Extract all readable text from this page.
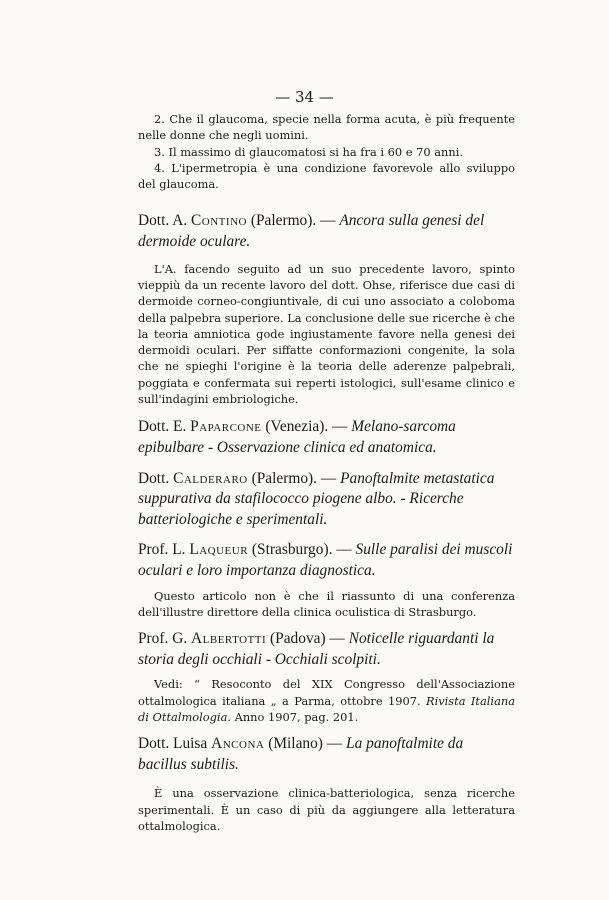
— 34 —

2. Che il glaucoma, specie nella forma acuta, è più frequente nelle donne che negli uomini.

3. Il massimo di glaucomatosi si ha fra i 60 e 70 anni.

4. L'ipermetropia è una condizione favorevole allo sviluppo del glaucoma.

Dott. A. Contino (Palermo). — Ancora sulla genesi del dermoide oculare.

L'A. facendo seguito ad un suo precedente lavoro, spinto vieppiù da un recente lavoro del dott. Ohse, riferisce due casi di dermoide corneo-congiuntivale, di cui uno associato a coloboma della palpebra superiore. La conclusione delle sue ricerche è che la teoria amniotica gode ingiustamente favore nella genesi dei dermoidi oculari. Per siffatte conformazioni congenite, la sola che ne spieghi l'origine è la teoria delle aderenze palpebrali, poggiata e confermata sui reperti istologici, sull'esame clinico e sull'indagini embriologiche.

Dott. E. Paparcone (Venezia). — Melano-sarcoma epibulbare - Osservazione clinica ed anatomica.

Dott. Calderaro (Palermo). — Panoftalmite metastatica suppurativa da stafilococco piogene albo. - Ricerche batteriologiche e sperimentali.

Prof. L. Laqueur (Strasburgo). — Sulle paralisi dei muscoli oculari e loro importanza diagnostica.

Questo articolo non è che il riassunto di una conferenza dell'illustre direttore della clinica oculistica di Strasburgo.

Prof. G. Albertotti (Padova) — Noticelle riguardanti la storia degli occhiali - Occhiali scolpiti.

Vedi: “ Resoconto del XIX Congresso dell'Associazione ottalmologica italiana „ a Parma, ottobre 1907. Rivista Italiana di Ottalmologia. Anno 1907, pag. 201.

Dott. Luisa Ancona (Milano) — La panoftalmite da bacillus subtilis.

È una osservazione clinica-batteriologica, senza ricerche sperimentali. È un caso di più da aggiungere alla letteratura ottalmologica.
